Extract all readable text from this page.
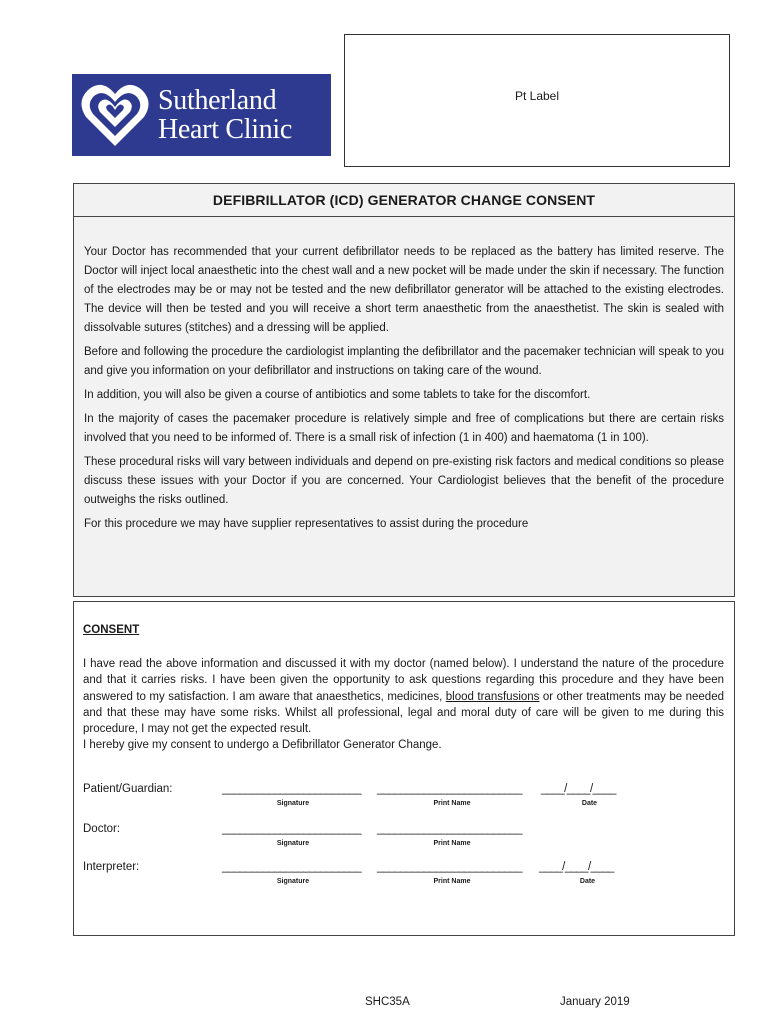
Sutherland
Heart Clinic
Pt Label
DEFIBRILLATOR (ICD) GENERATOR CHANGE CONSENT

Your Doctor has recommended that your current defibrillator needs to be replaced as the battery has limited reserve. The Doctor will inject local anaesthetic into the chest wall and a new pocket will be made under the skin if necessary. The function of the electrodes may be or may not be tested and the new defibrillator generator will be attached to the existing electrodes. The device will then be tested and you will receive a short term anaesthetic from the anaesthetist. The skin is sealed with dissolvable sutures (stitches) and a dressing will be applied.

Before and following the procedure the cardiologist implanting the defibrillator and the pacemaker technician will speak to you and give you information on your defibrillator and instructions on taking care of the wound.

In addition, you will also be given a course of antibiotics and some tablets to take for the discomfort.

In the majority of cases the pacemaker procedure is relatively simple and free of complications but there are certain risks involved that you need to be informed of. There is a small risk of infection (1 in 400) and haematoma (1 in 100).

These procedural risks will vary between individuals and depend on pre-existing risk factors and medical conditions so please discuss these issues with your Doctor if you are concerned. Your Cardiologist believes that the benefit of the procedure outweighs the risks outlined.

For this procedure we may have supplier representatives to assist during the procedure

CONSENT
I have read the above information and discussed it with my doctor (named below). I understand the nature of the procedure and that it carries risks. I have been given the opportunity to ask questions regarding this procedure and they have been answered to my satisfaction. I am aware that anaesthetics, medicines, blood transfusions or other treatments may be needed and that these may have some risks. Whilst all professional, legal and moral duty of care will be given to me during this procedure, I may not get the expected result.
I hereby give my consent to undergo a Defibrillator Generator Change.
Patient/Guardian:	________________________ _________________________ ____/____/____
Signature	Print Name	Date
Doctor:	________________________ _________________________
Signature	Print Name
Interpreter:	________________________ _________________________ ____/____/____
Signature	Print Name	Date
SHC35A	January 2019
